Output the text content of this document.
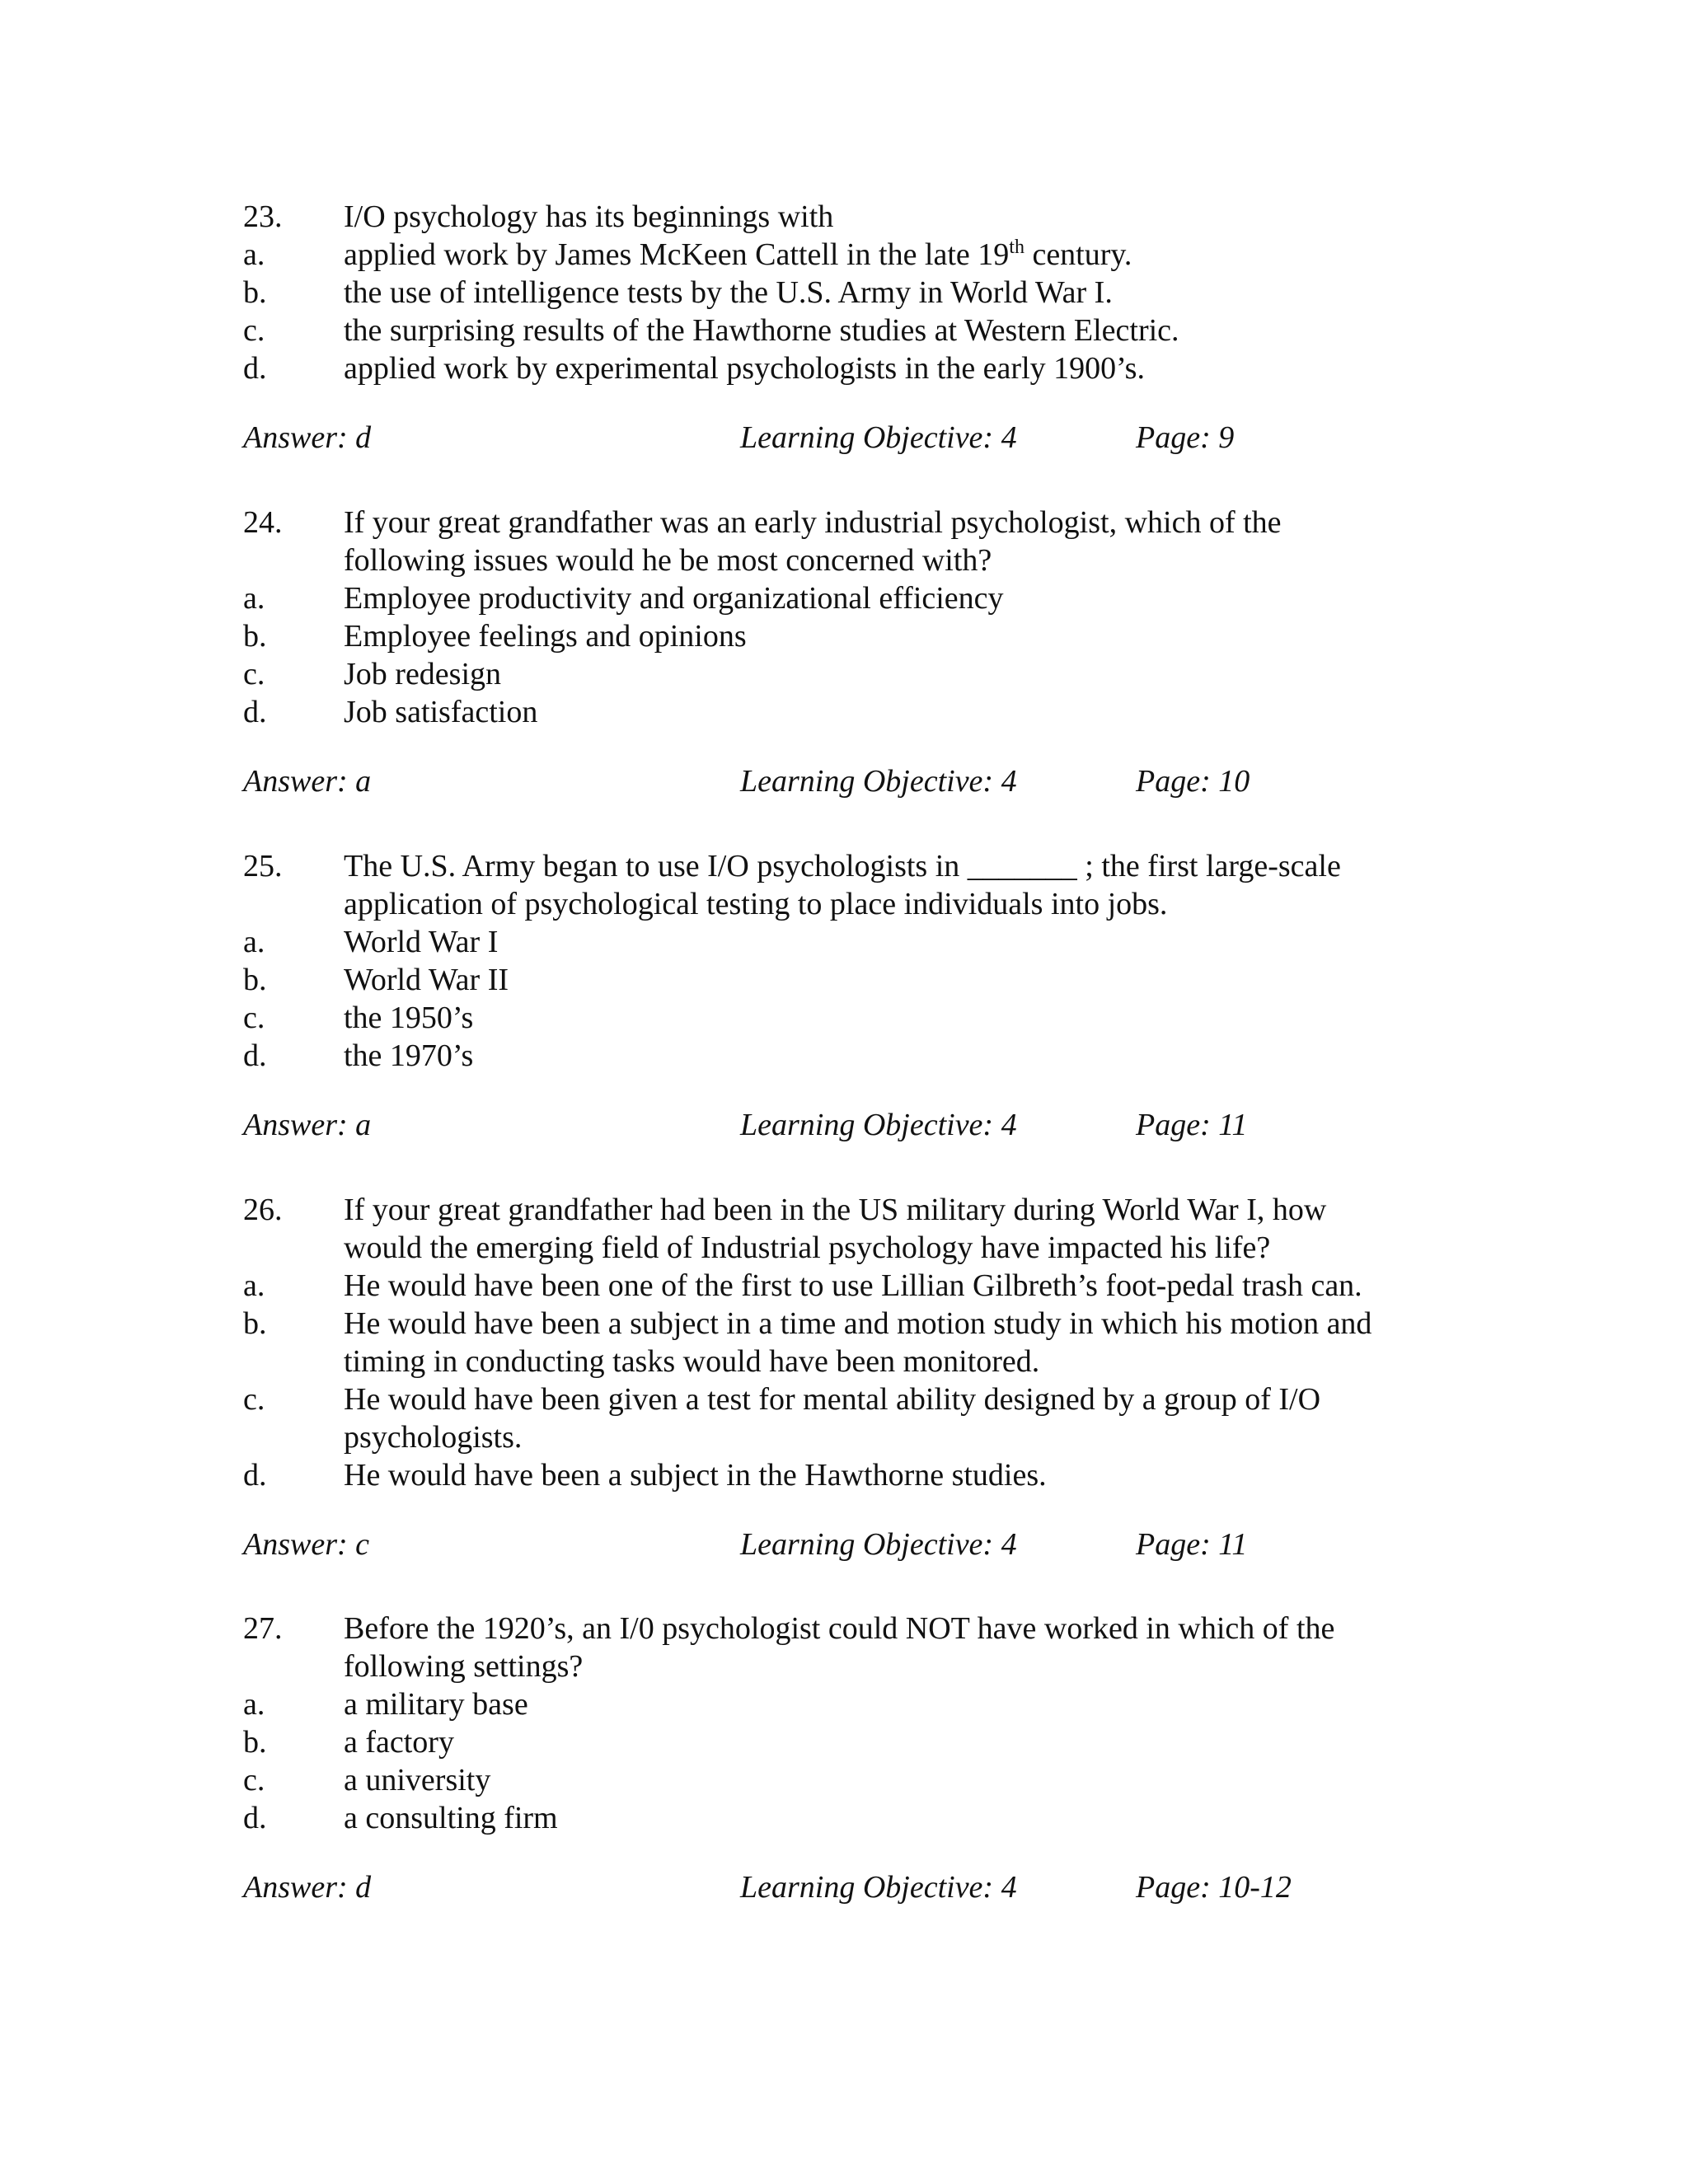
23. I/O psychology has its beginnings with
a.	applied work by James McKeen Cattell in the late 19th century.
b. the use of intelligence tests by the U.S. Army in World War I.
c.	the surprising results of the Hawthorne studies at Western Electric.
d. applied work by experimental psychologists in the early 1900’s.
Answer: d	Learning Objective: 4	Page: 9
24. If your great grandfather was an early industrial psychologist, which of the
following issues would he be most concerned with?
a.	Employee productivity and organizational efficiency
b. Employee feelings and opinions
c.	Job redesign
d. Job satisfaction
Answer: a	Learning Objective: 4	Page: 10
25. The U.S. Army began to use I/O psychologists in _______ ; the first large-scale
application of psychological testing to place individuals into jobs.
a.	World War I
b. World War II
c.	the 1950’s
d. the 1970’s
Answer: a	Learning Objective: 4	Page: 11
26. If your great grandfather had been in the US military during World War I, how
would the emerging field of Industrial psychology have impacted his life?
a.	He would have been one of the first to use Lillian Gilbreth’s foot-pedal trash can.
b. He would have been a subject in a time and motion study in which his motion and
timing in conducting tasks would have been monitored.
c.	He would have been given a test for mental ability designed by a group of I/O
psychologists.
d. He would have been a subject in the Hawthorne studies.
Answer: c	Learning Objective: 4	Page: 11
27. Before the 1920’s, an I/0 psychologist could NOT have worked in which of the
following settings?
a.	a military base
b. a factory
c.	a university
d. a consulting firm
Answer: d	Learning Objective: 4	Page: 10-12
